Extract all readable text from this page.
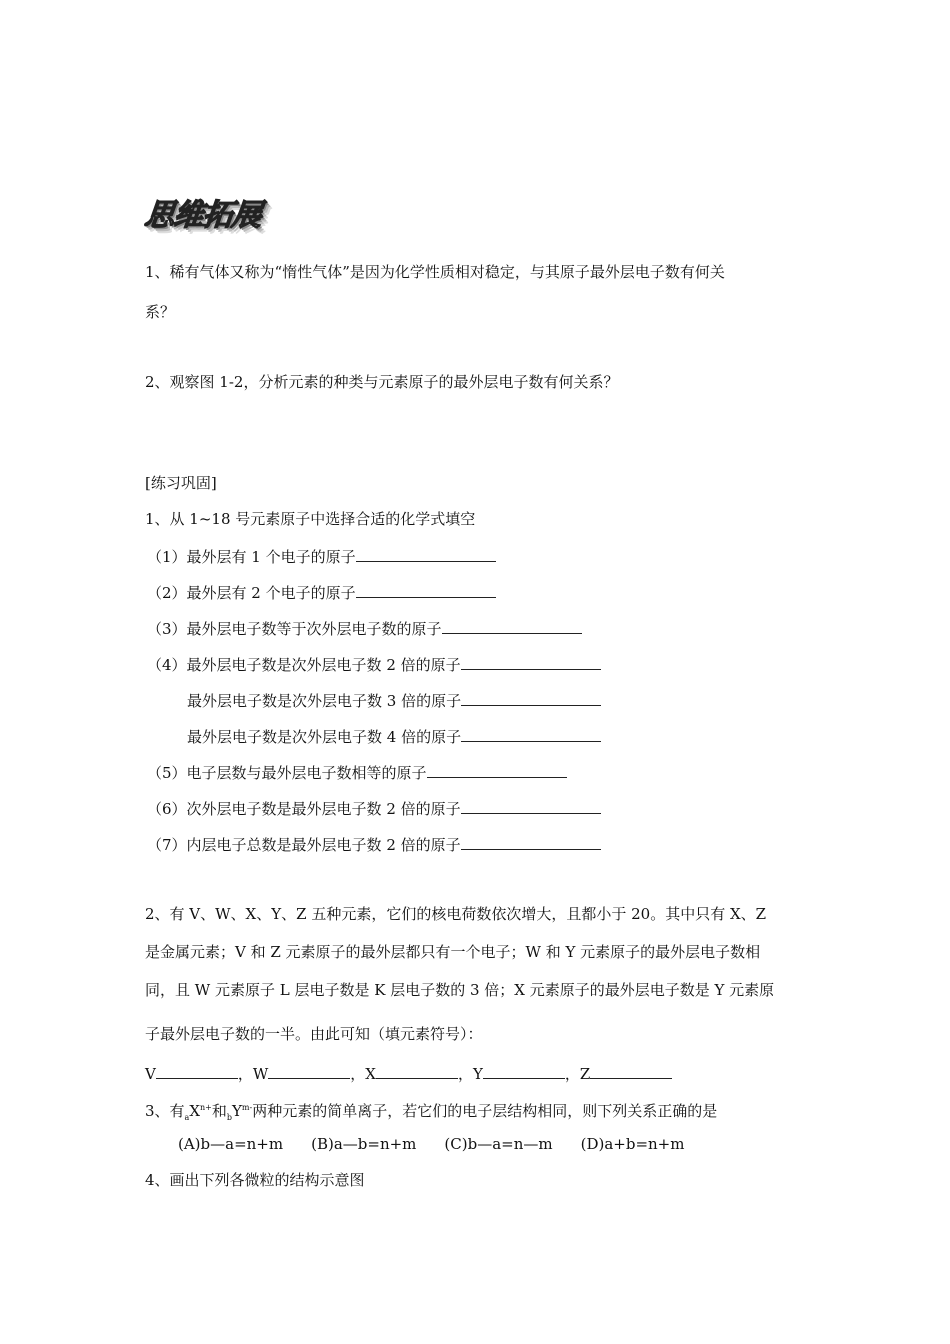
思维拓展
1、稀有气体又称为“惰性气体”是因为化学性质相对稳定，与其原子最外层电子数有何关
系？
2、观察图 1-2，分析元素的种类与元素原子的最外层电子数有何关系？
[练习巩固]
1、从 1~18 号元素原子中选择合适的化学式填空
（1）最外层有 1 个电子的原子
（2）最外层有 2 个电子的原子
（3）最外层电子数等于次外层电子数的原子
（4）最外层电子数是次外层电子数 2 倍的原子
最外层电子数是次外层电子数 3 倍的原子
最外层电子数是次外层电子数 4 倍的原子
（5）电子层数与最外层电子数相等的原子
（6）次外层电子数是最外层电子数 2 倍的原子
（7）内层电子总数是最外层电子数 2 倍的原子
2、有 V、W、X、Y、Z 五种元素，它们的核电荷数依次增大，且都小于 20。其中只有 X、Z
是金属元素；V 和 Z 元素原子的最外层都只有一个电子；W 和 Y 元素原子的最外层电子数相
同，且 W 元素原子 L 层电子数是 K 层电子数的 3 倍；X 元素原子的最外层电子数是 Y 元素原
子最外层电子数的一半。由此可知（填元素符号）：
V	，W	，X	，Y	，Z
3、有$_aX^{n+}$和$_bY^{m-}$两种元素的简单离子，若它们的电子层结构相同，则下列关系正确的是
(A)b—a=n+m (B)a—b=n+m (C)b—a=n—m (D)a+b=n+m
4、画出下列各微粒的结构示意图
